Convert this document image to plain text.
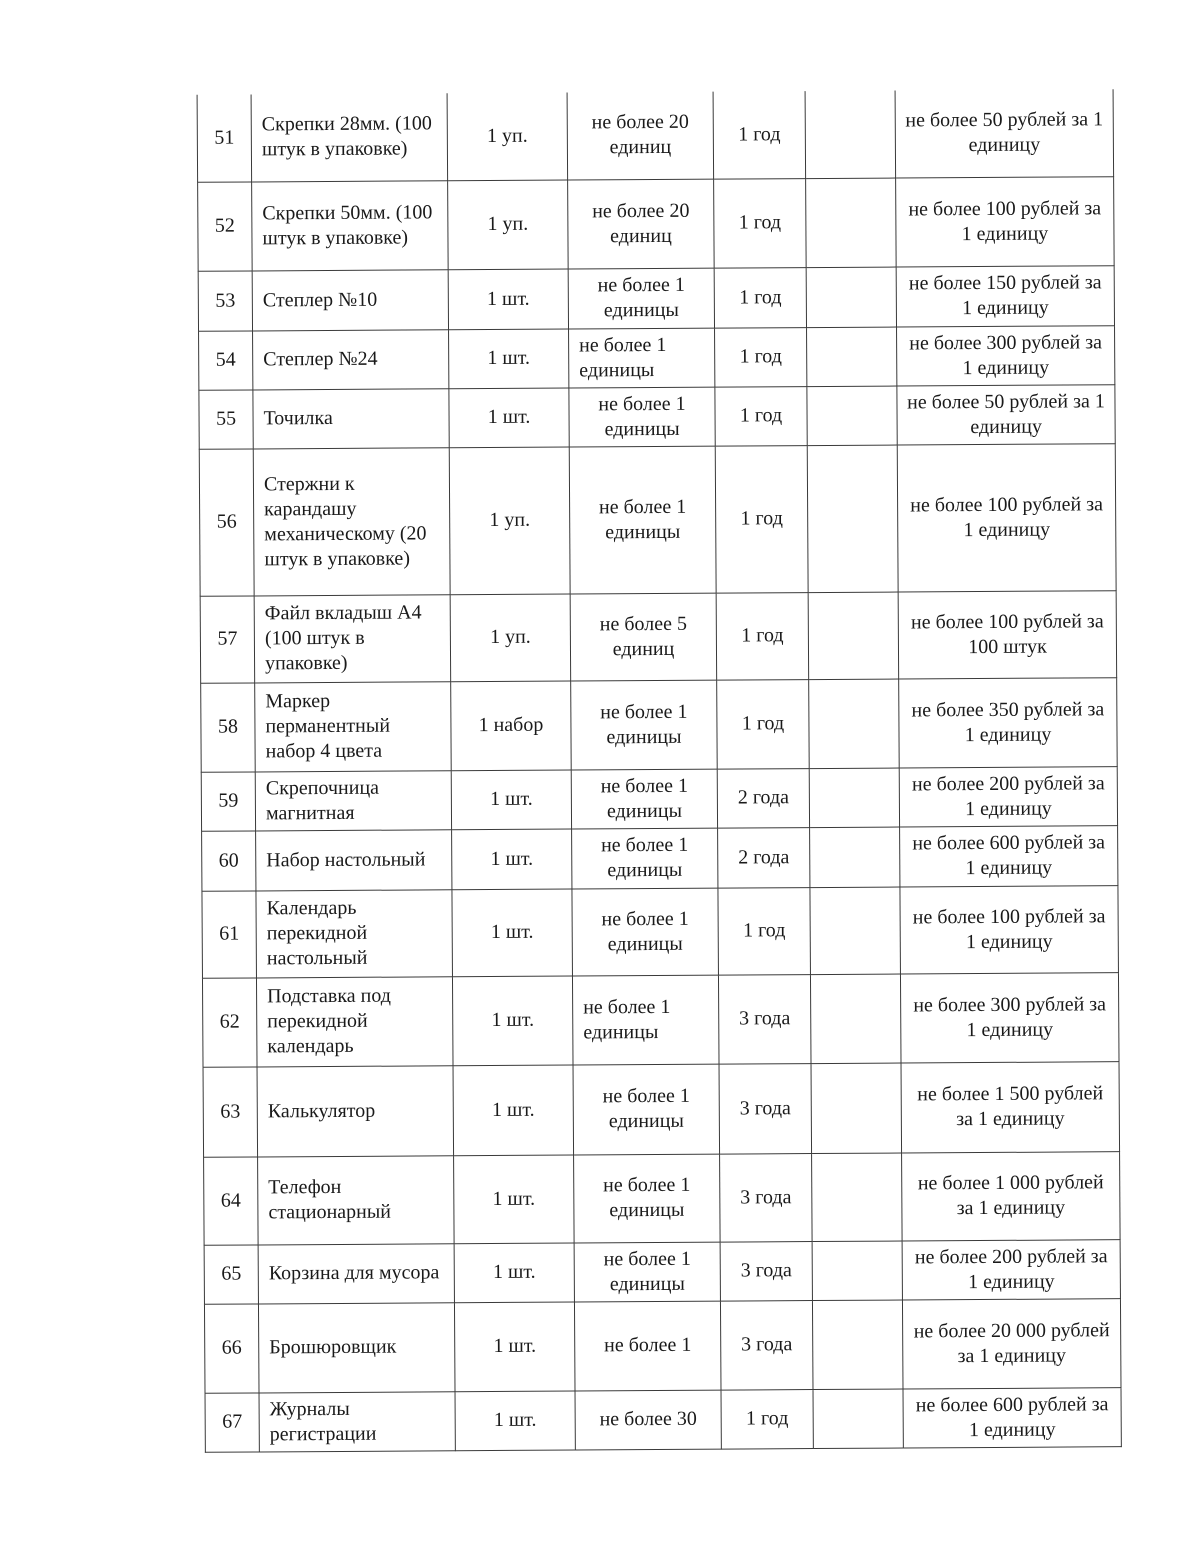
51	Скрепки 28мм. (100 штук в упаковке)	1 уп.	не более 20 единиц	1 год		не более 50 рублей за 1 единицу
52	Скрепки 50мм. (100 штук в упаковке)	1 уп.	не более 20 единиц	1 год		не более 100 рублей за 1 единицу
53	Степлер №10	1 шт.	не более 1 единицы	1 год		не более 150 рублей за 1 единицу
54	Степлер №24	1 шт.	не более 1 единицы	1 год		не более 300 рублей за 1 единицу
55	Точилка	1 шт.	не более 1 единицы	1 год		не более 50 рублей за 1 единицу
56	Стержни к карандашу механическому (20 штук в упаковке)	1 уп.	не более 1 единицы	1 год		не более 100 рублей за 1 единицу
57	Файл вкладыш А4 (100 штук в упаковке)	1 уп.	не более 5 единиц	1 год		не более 100 рублей за 100 штук
58	Маркер перманентный набор 4 цвета	1 набор	не более 1 единицы	1 год		не более 350 рублей за 1 единицу
59	Скрепочница магнитная	1 шт.	не более 1 единицы	2 года		не более 200 рублей за 1 единицу
60	Набор настольный	1 шт.	не более 1 единицы	2 года		не более 600 рублей за 1 единицу
61	Календарь перекидной настольный	1 шт.	не более 1 единицы	1 год		не более 100 рублей за 1 единицу
62	Подставка под перекидной календарь	1 шт.	не более 1 единицы	3 года		не более 300 рублей за 1 единицу
63	Калькулятор	1 шт.	не более 1 единицы	3 года		не более 1 500 рублей за 1 единицу
64	Телефон стационарный	1 шт.	не более 1 единицы	3 года		не более 1 000 рублей за 1 единицу
65	Корзина для мусора	1 шт.	не более 1 единицы	3 года		не более 200 рублей за 1 единицу
66	Брошюровщик	1 шт.	не более 1	3 года		не более 20 000 рублей за 1 единицу
67	Журналы регистрации	1 шт.	не более 30	1 год		не более 600 рублей за 1 единицу
